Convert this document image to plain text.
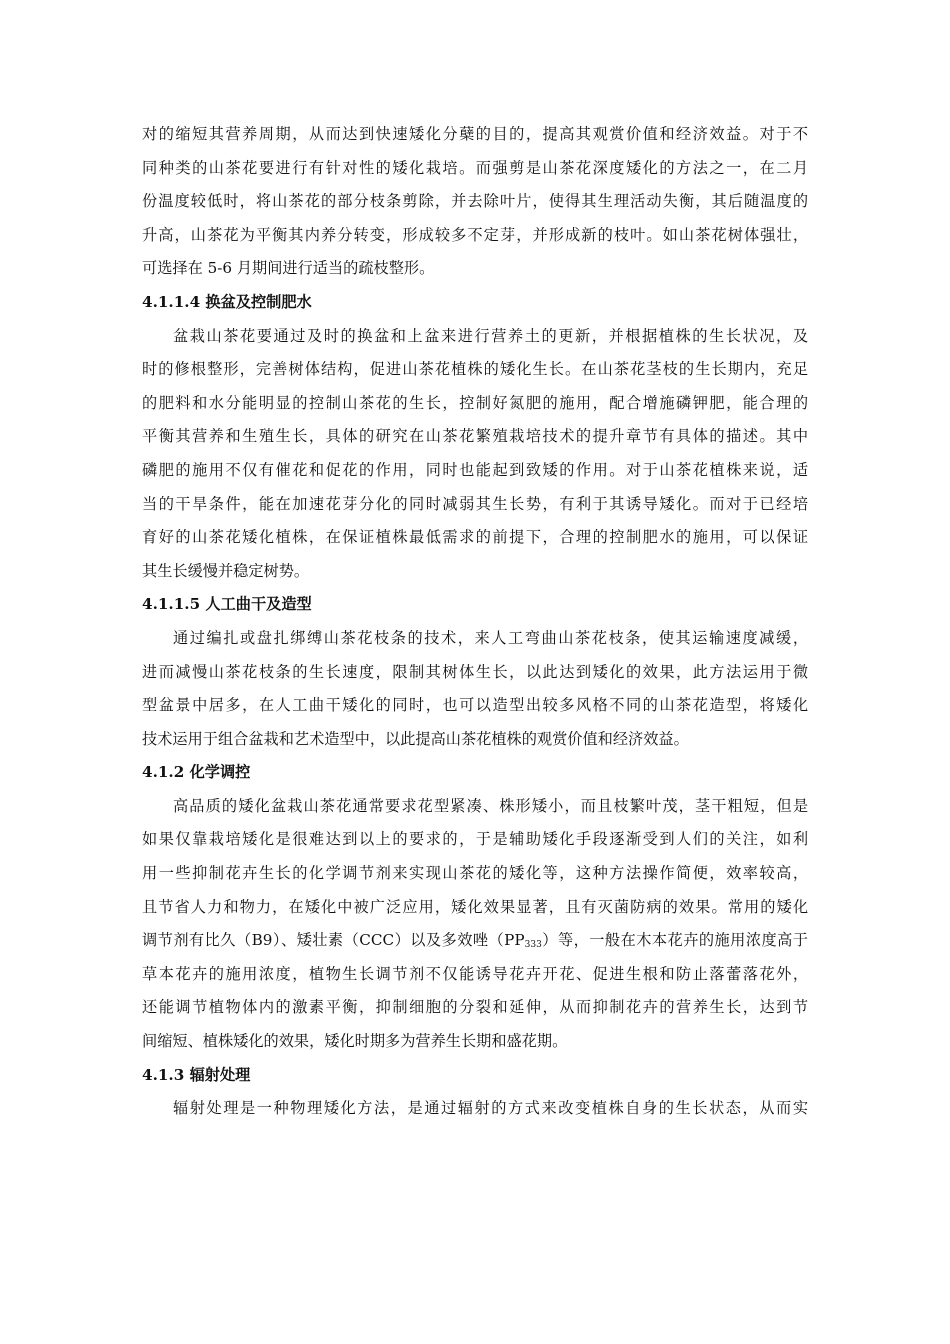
对的缩短其营养周期，从而达到快速矮化分蘖的目的，提高其观赏价值和经济效益。对于不
同种类的山茶花要进行有针对性的矮化栽培。而强剪是山茶花深度矮化的方法之一，在二月
份温度较低时，将山茶花的部分枝条剪除，并去除叶片，使得其生理活动失衡，其后随温度的
升高，山茶花为平衡其内养分转变，形成较多不定芽，并形成新的枝叶。如山茶花树体强壮，
可选择在 5-6 月期间进行适当的疏枝整形。
4.1.1.4 换盆及控制肥水
盆栽山茶花要通过及时的换盆和上盆来进行营养土的更新，并根据植株的生长状况，及
时的修根整形，完善树体结构，促进山茶花植株的矮化生长。在山茶花茎枝的生长期内，充足
的肥料和水分能明显的控制山茶花的生长，控制好氮肥的施用，配合增施磷钾肥，能合理的
平衡其营养和生殖生长，具体的研究在山茶花繁殖栽培技术的提升章节有具体的描述。其中
磷肥的施用不仅有催花和促花的作用，同时也能起到致矮的作用。对于山茶花植株来说，适
当的干旱条件，能在加速花芽分化的同时减弱其生长势，有利于其诱导矮化。而对于已经培
育好的山茶花矮化植株，在保证植株最低需求的前提下，合理的控制肥水的施用，可以保证
其生长缓慢并稳定树势。
4.1.1.5 人工曲干及造型
通过编扎或盘扎绑缚山茶花枝条的技术，来人工弯曲山茶花枝条，使其运输速度减缓，
进而减慢山茶花枝条的生长速度，限制其树体生长，以此达到矮化的效果，此方法运用于微
型盆景中居多，在人工曲干矮化的同时，也可以造型出较多风格不同的山茶花造型，将矮化
技术运用于组合盆栽和艺术造型中，以此提高山茶花植株的观赏价值和经济效益。
4.1.2 化学调控
高品质的矮化盆栽山茶花通常要求花型紧凑、株形矮小，而且枝繁叶茂，茎干粗短，但是
如果仅靠栽培矮化是很难达到以上的要求的，于是辅助矮化手段逐渐受到人们的关注，如利
用一些抑制花卉生长的化学调节剂来实现山茶花的矮化等，这种方法操作简便，效率较高，
且节省人力和物力，在矮化中被广泛应用，矮化效果显著，且有灭菌防病的效果。常用的矮化
调节剂有比久（B9）、矮壮素（CCC）以及多效唑$(PP_{333})$等，一般在木本花卉的施用浓度高于
草本花卉的施用浓度，植物生长调节剂不仅能诱导花卉开花、促进生根和防止落蕾落花外，
还能调节植物体内的激素平衡，抑制细胞的分裂和延伸，从而抑制花卉的营养生长，达到节
间缩短、植株矮化的效果，矮化时期多为营养生长期和盛花期。
4.1.3 辐射处理
辐射处理是一种物理矮化方法，是通过辐射的方式来改变植株自身的生长状态，从而实
